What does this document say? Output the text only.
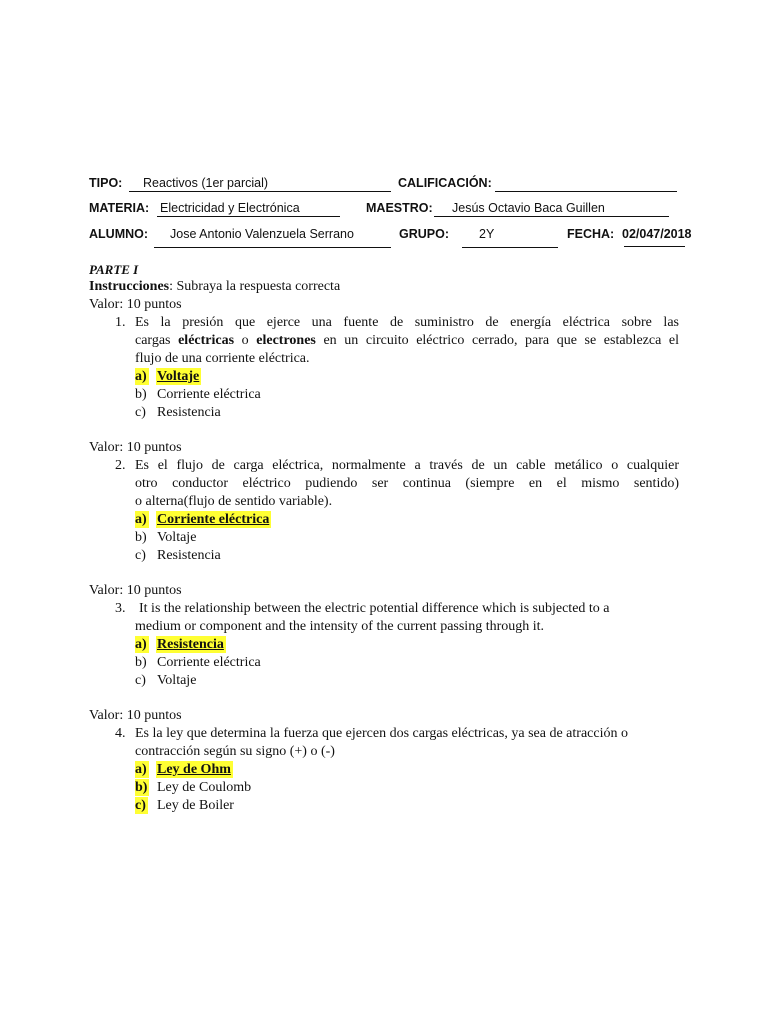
TIPO:	Reactivos (1er parcial)	CALIFICACIÓN:
MATERIA: Electricidad y Electrónica	MAESTRO:	Jesús Octavio Baca Guillen
ALUMNO:	Jose Antonio Valenzuela Serrano	GRUPO:	2Y	FECHA: 02/047/2018
PARTE I
Instrucciones: Subraya la respuesta correcta
Valor: 10 puntos
1. Es la presión que ejerce una fuente de suministro de energía eléctrica sobre las
cargas eléctricas o electrones en un circuito eléctrico cerrado, para que se establezca el
flujo de una corriente eléctrica.
a) Voltaje
b) Corriente eléctrica
c) Resistencia
Valor: 10 puntos
2. Es el flujo de carga eléctrica, normalmente a través de un cable metálico o cualquier
otro conductor eléctrico pudiendo ser continua (siempre en el mismo sentido)
o alterna(flujo de sentido variable).
a) Corriente eléctrica
b) Voltaje
c) Resistencia
Valor: 10 puntos
3. It is the relationship between the electric potential difference which is subjected to a
medium or component and the intensity of the current passing through it.
a) Resistencia
b) Corriente eléctrica
c) Voltaje
Valor: 10 puntos
4. Es la ley que determina la fuerza que ejercen dos cargas eléctricas, ya sea de atracción o
contracción según su signo (+) o (-)
a) Ley de Ohm
b) Ley de Coulomb
c) Ley de Boiler
